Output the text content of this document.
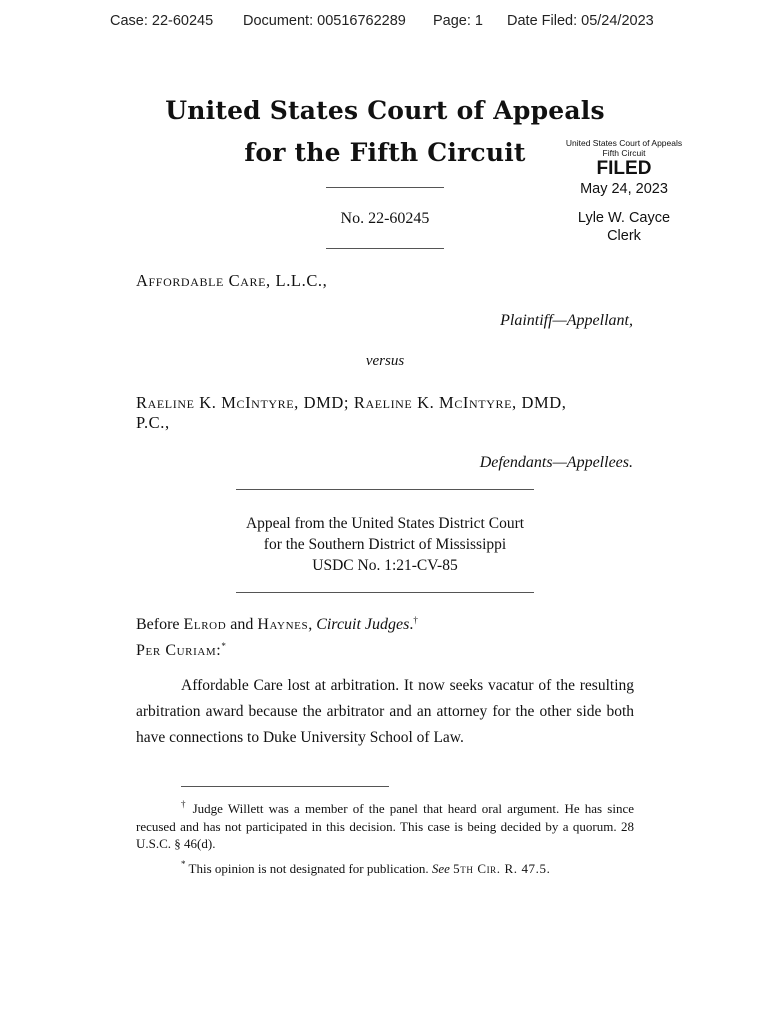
Case: 22-60245 Document: 00516762289 Page: 1 Date Filed: 05/24/2023
United States Court of Appeals
for the Fifth Circuit	United States Court of Appeals
Fifth Circuit
FILED
May 24, 2023
Lyle W. Cayce
Clerk
No. 22-60245
Affordable Care, L.L.C.,
Plaintiff—Appellant,
versus
Raeline K. McIntyre, DMD; Raeline K. McIntyre, DMD,
P.C.,
Defendants—Appellees.
Appeal from the United States District Court
for the Southern District of Mississippi
USDC No. 1:21-CV-85
Before Elrod and Haynes, Circuit Judges.†
Per Curiam:*
Affordable Care lost at arbitration. It now seeks vacatur of the resulting arbitration award because the arbitrator and an attorney for the other side both have connections to Duke University School of Law.
† Judge Willett was a member of the panel that heard oral argument. He has since recused and has not participated in this decision. This case is being decided by a quorum. 28 U.S.C. § 46(d).
* This opinion is not designated for publication. See 5th Cir. R. 47.5.
